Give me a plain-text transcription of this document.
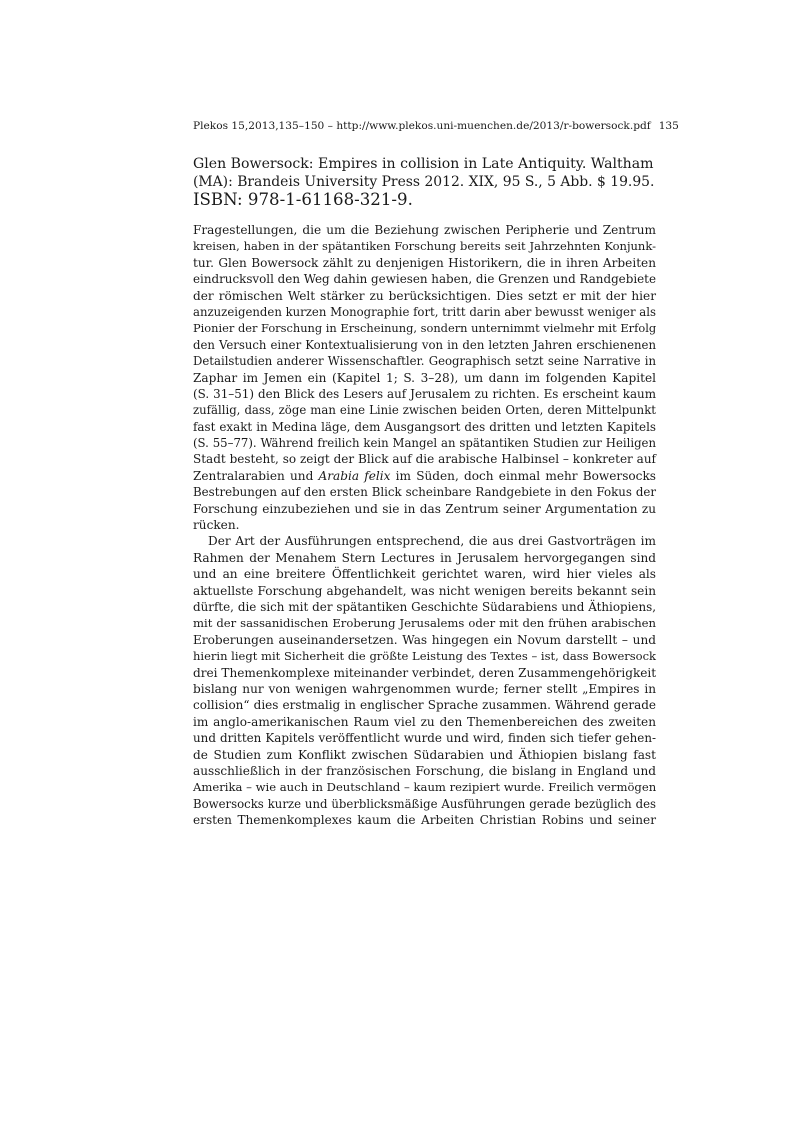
Plekos 15,2013,135–150 – http://www.plekos.uni-muenchen.de/2013/r-bowersock.pdf 135
Glen Bowersock: Empires in collision in Late Antiquity. Waltham
(MA): Brandeis University Press 2012. XIX, 95 S., 5 Abb. $ 19.95.
ISBN: 978-1-61168-321-9.
Fragestellungen, die um die Beziehung zwischen Peripherie und Zentrum
kreisen, haben in der spätantiken Forschung bereits seit Jahrzehnten Konjunk-
tur. Glen Bowersock zählt zu denjenigen Historikern, die in ihren Arbeiten
eindrucksvoll den Weg dahin gewiesen haben, die Grenzen und Randgebiete
der römischen Welt stärker zu berücksichtigen. Dies setzt er mit der hier
anzuzeigenden kurzen Monographie fort, tritt darin aber bewusst weniger als
Pionier der Forschung in Erscheinung, sondern unternimmt vielmehr mit Erfolg
den Versuch einer Kontextualisierung von in den letzten Jahren erschienenen
Detailstudien anderer Wissenschaftler. Geographisch setzt seine Narrative in
Zaphar im Jemen ein (Kapitel 1; S. 3–28), um dann im folgenden Kapitel
(S. 31–51) den Blick des Lesers auf Jerusalem zu richten. Es erscheint kaum
zufällig, dass, zöge man eine Linie zwischen beiden Orten, deren Mittelpunkt
fast exakt in Medina läge, dem Ausgangsort des dritten und letzten Kapitels
(S. 55–77). Während freilich kein Mangel an spätantiken Studien zur Heiligen
Stadt besteht, so zeigt der Blick auf die arabische Halbinsel – konkreter auf
Zentralarabien und Arabia felix im Süden, doch einmal mehr Bowersocks
Bestrebungen auf den ersten Blick scheinbare Randgebiete in den Fokus der
Forschung einzubeziehen und sie in das Zentrum seiner Argumentation zu
rücken.
Der Art der Ausführungen entsprechend, die aus drei Gastvorträgen im
Rahmen der Menahem Stern Lectures in Jerusalem hervorgegangen sind
und an eine breitere Öffentlichkeit gerichtet waren, wird hier vieles als
aktuellste Forschung abgehandelt, was nicht wenigen bereits bekannt sein
dürfte, die sich mit der spätantiken Geschichte Südarabiens und Äthiopiens,
mit der sassanidischen Eroberung Jerusalems oder mit den frühen arabischen
Eroberungen auseinandersetzen. Was hingegen ein Novum darstellt – und
hierin liegt mit Sicherheit die größte Leistung des Textes – ist, dass Bowersock
drei Themenkomplexe miteinander verbindet, deren Zusammengehörigkeit
bislang nur von wenigen wahrgenommen wurde; ferner stellt „Empires in
collision“ dies erstmalig in englischer Sprache zusammen. Während gerade
im anglo-amerikanischen Raum viel zu den Themenbereichen des zweiten
und dritten Kapitels veröffentlicht wurde und wird, finden sich tiefer gehen-
de Studien zum Konflikt zwischen Südarabien und Äthiopien bislang fast
ausschließlich in der französischen Forschung, die bislang in England und
Amerika – wie auch in Deutschland – kaum rezipiert wurde. Freilich vermögen
Bowersocks kurze und überblicksmäßige Ausführungen gerade bezüglich des
ersten Themenkomplexes kaum die Arbeiten Christian Robins und seiner
